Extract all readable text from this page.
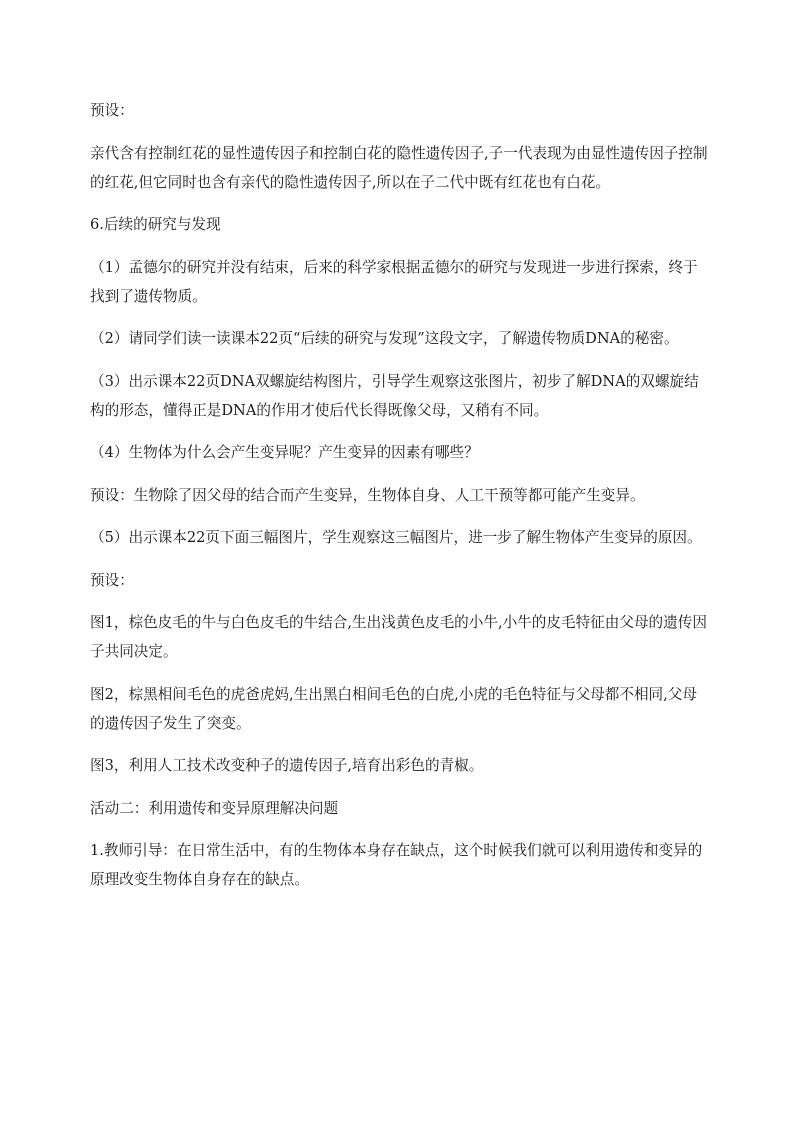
预设：

亲代含有控制红花的显性遗传因子和控制白花的隐性遗传因子,子一代表现为由显性遗传因子控制的红花,但它同时也含有亲代的隐性遗传因子,所以在子二代中既有红花也有白花。

6.后续的研究与发现

（1）孟德尔的研究并没有结束，后来的科学家根据孟德尔的研究与发现进一步进行探索，终于找到了遗传物质。

（2）请同学们读一读课本22页“后续的研究与发现”这段文字，了解遗传物质DNA的秘密。

（3）出示课本22页DNA双螺旋结构图片，引导学生观察这张图片，初步了解DNA的双螺旋结构的形态，懂得正是DNA的作用才使后代长得既像父母，又稍有不同。

（4）生物体为什么会产生变异呢？产生变异的因素有哪些？

预设：生物除了因父母的结合而产生变异，生物体自身、人工干预等都可能产生变异。

（5）出示课本22页下面三幅图片，学生观察这三幅图片，进一步了解生物体产生变异的原因。

预设：

图1，棕色皮毛的牛与白色皮毛的牛结合,生出浅黄色皮毛的小牛,小牛的皮毛特征由父母的遗传因子共同决定。

图2，棕黑相间毛色的虎爸虎妈,生出黑白相间毛色的白虎,小虎的毛色特征与父母都不相同,父母的遗传因子发生了突变。

图3，利用人工技术改变种子的遗传因子,培育出彩色的青椒。

活动二：利用遗传和变异原理解决问题

1.教师引导：在日常生活中，有的生物体本身存在缺点，这个时候我们就可以利用遗传和变异的原理改变生物体自身存在的缺点。
